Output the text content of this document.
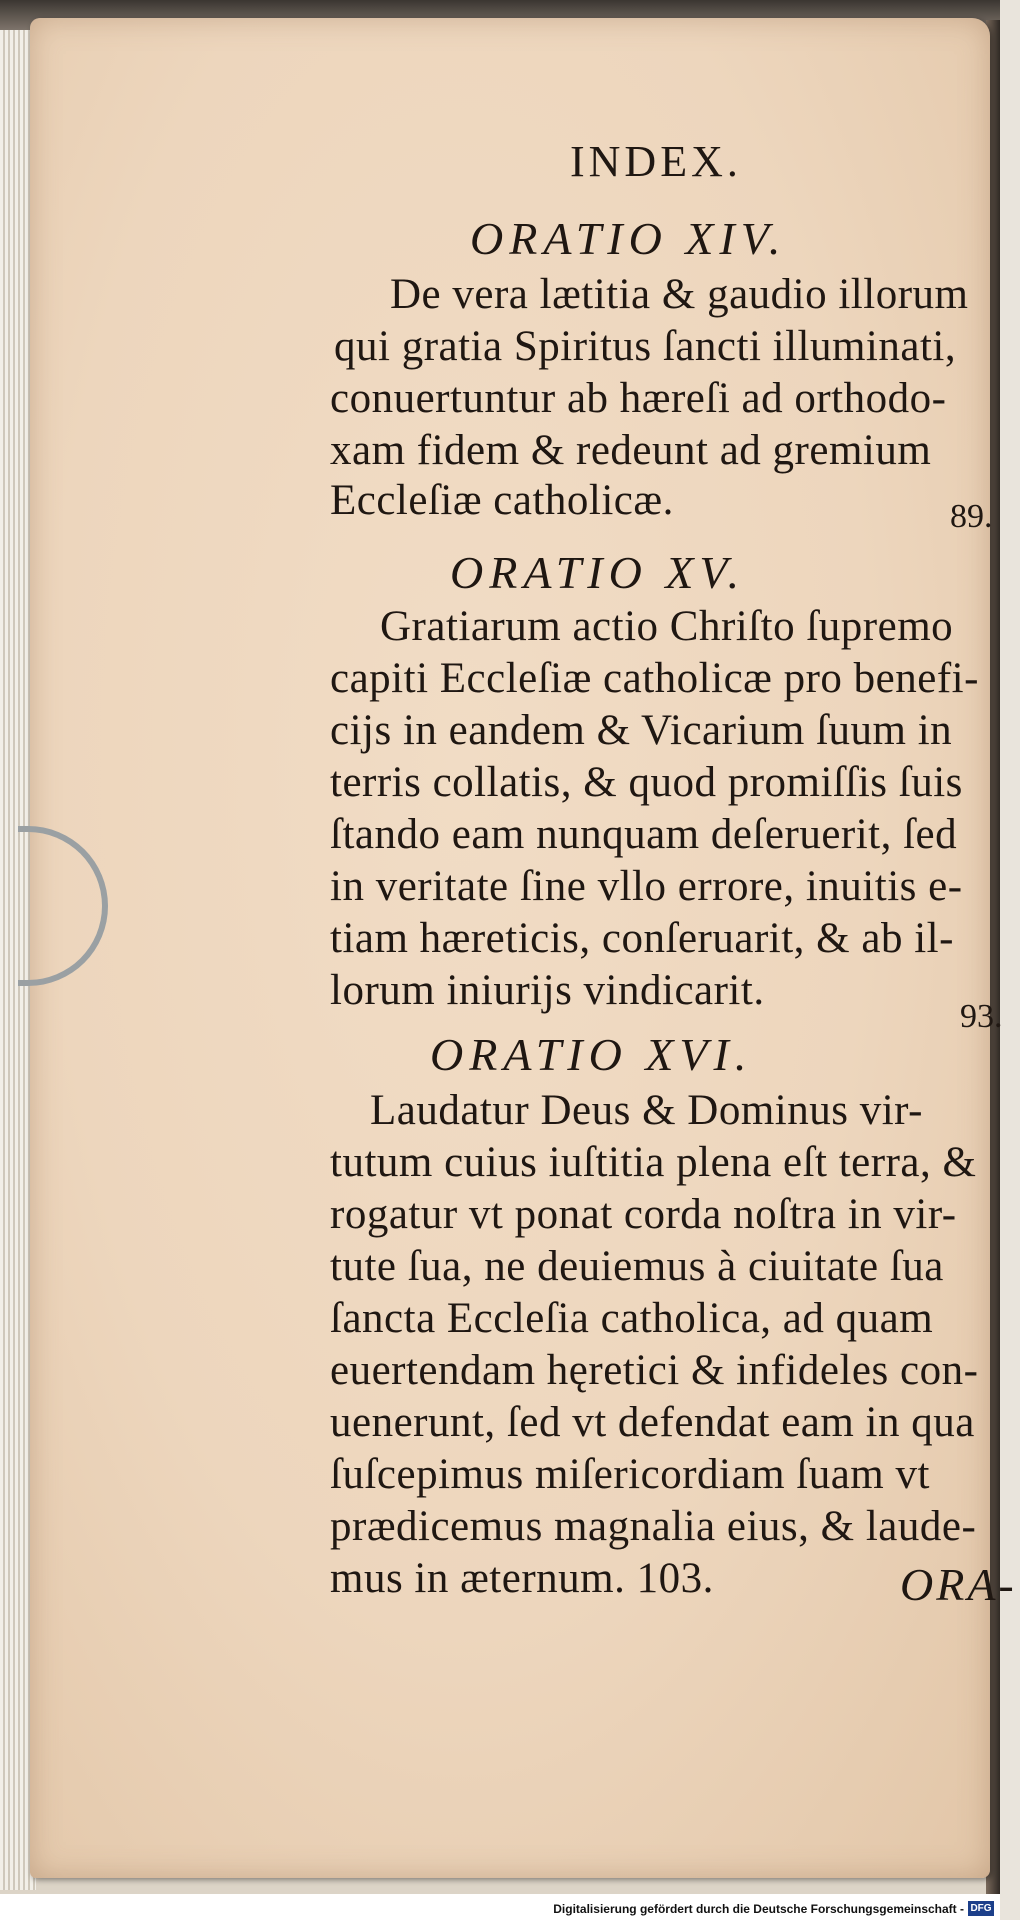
INDEX.
ORATIO XIV.
De vera lætitia & gaudio illorum
qui gratia Spiritus ſancti illuminati,
conuertuntur ab hæreſi ad orthodo-
xam fidem & redeunt ad gremium
Eccleſiæ catholicæ.	89.
ORATIO XV.
Gratiarum actio Chriſto ſupremo
capiti Eccleſiæ catholicæ pro benefi-
cijs in eandem & Vicarium ſuum in
terris collatis, & quod promiſſis ſuis
ſtando eam nunquam deſeruerit, ſed
in veritate ſine vllo errore, inuitis e-
tiam hæreticis, conſeruarit, & ab il-
lorum iniurijs vindicarit.
93.
ORATIO XVI.
Laudatur Deus & Dominus vir-
tutum cuius iuſtitia plena eſt terra, &
rogatur vt ponat corda noſtra in vir-
tute ſua, ne deuiemus à ciuitate ſua
ſancta Eccleſia catholica, ad quam
euertendam hęretici & infideles con-
uenerunt, ſed vt defendat eam in qua
ſuſcepimus miſericordiam ſuam vt
prædicemus magnalia eius, & laude-
mus in æternum. 103.	ORA-
Digitalisierung gefördert durch die Deutsche Forschungsgemeinschaft - DFG
